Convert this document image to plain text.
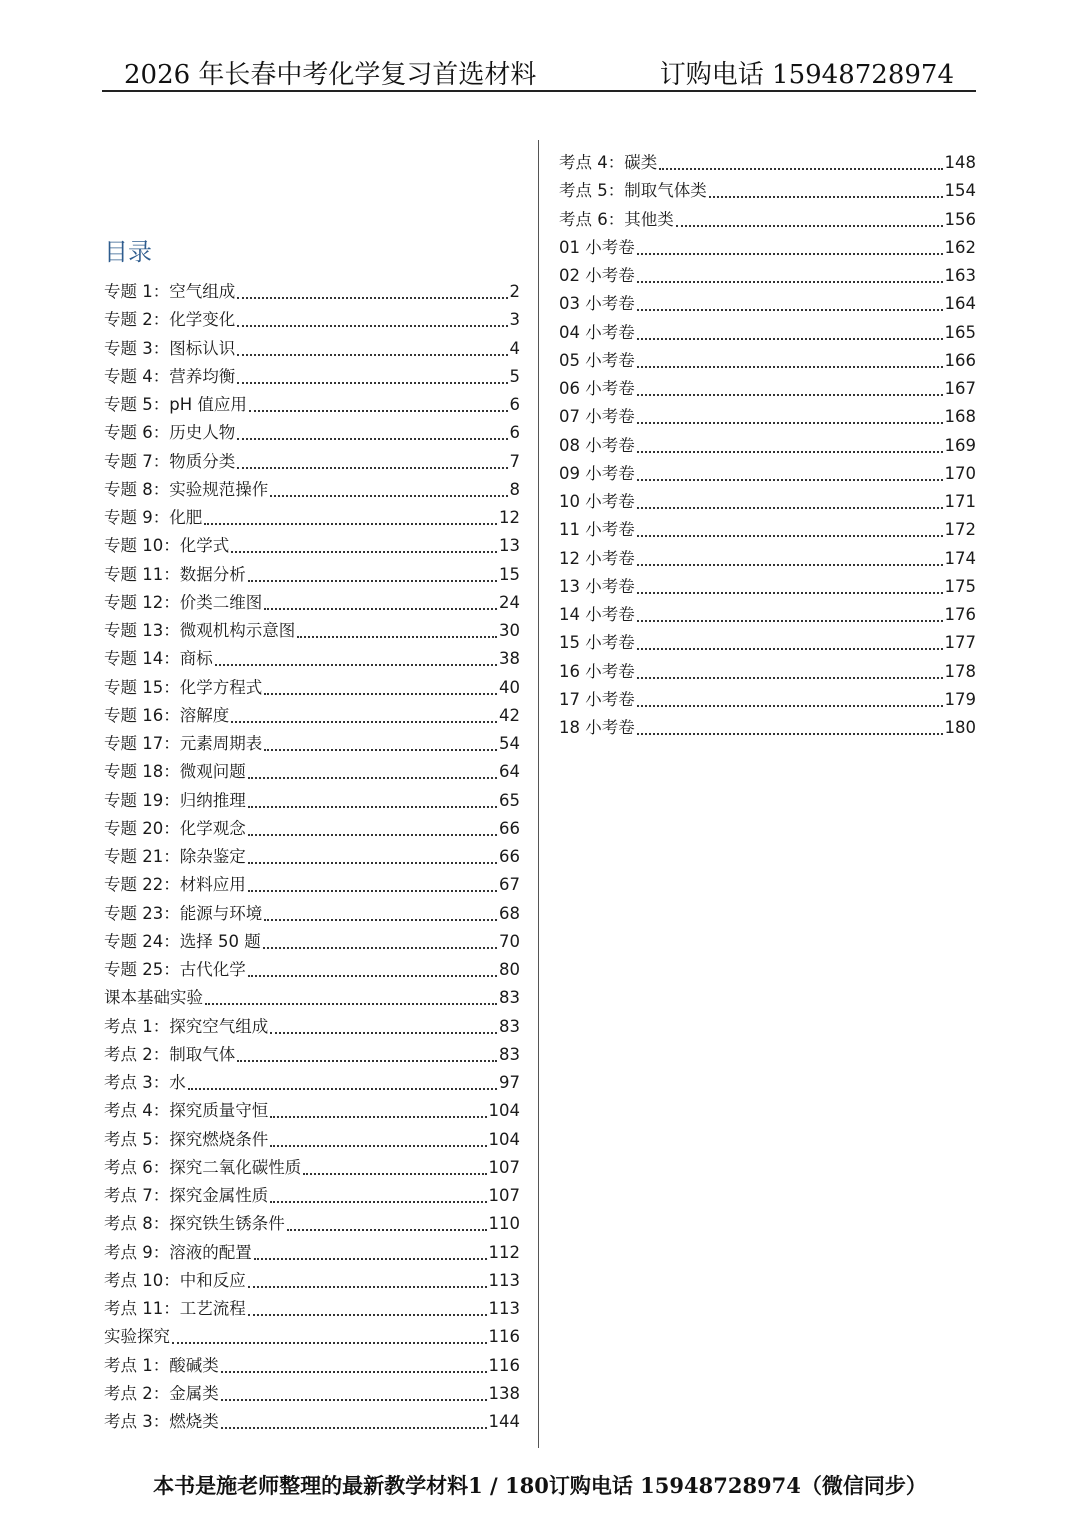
2026 年长春中考化学复习首选材料	订购电话 15948728974
目录
专题 1：空气组成	2
专题 2：化学变化	3
专题 3：图标认识	4
专题 4：营养均衡	5
专题 5：pH 值应用	6
专题 6：历史人物	6
专题 7：物质分类	7
专题 8：实验规范操作	8
专题 9：化肥	12
专题 10：化学式	13
专题 11：数据分析	15
专题 12：价类二维图	24
专题 13：微观机构示意图	30
专题 14：商标	38
专题 15：化学方程式	40
专题 16：溶解度	42
专题 17：元素周期表	54
专题 18：微观问题	64
专题 19：归纳推理	65
专题 20：化学观念	66
专题 21：除杂鉴定	66
专题 22：材料应用	67
专题 23：能源与环境	68
专题 24：选择 50 题	70
专题 25：古代化学	80
课本基础实验	83
考点 1：探究空气组成	83
考点 2：制取气体	83
考点 3：水	97
考点 4：探究质量守恒	104
考点 5：探究燃烧条件	104
考点 6：探究二氧化碳性质	107
考点 7：探究金属性质	107
考点 8：探究铁生锈条件	110
考点 9：溶液的配置	112
考点 10：中和反应	113
考点 11：工艺流程	113
实验探究	116
考点 1：酸碱类	116
考点 2：金属类	138
考点 3：燃烧类	144
考点 4：碳类	148
考点 5：制取气体类	154
考点 6：其他类	156
01 小考卷	162
02 小考卷	163
03 小考卷	164
04 小考卷	165
05 小考卷	166
06 小考卷	167
07 小考卷	168
08 小考卷	169
09 小考卷	170
10 小考卷	171
11 小考卷	172
12 小考卷	174
13 小考卷	175
14 小考卷	176
15 小考卷	177
16 小考卷	178
17 小考卷	179
18 小考卷	180
本书是施老师整理的最新教学材料1 / 180订购电话 15948728974（微信同步）
